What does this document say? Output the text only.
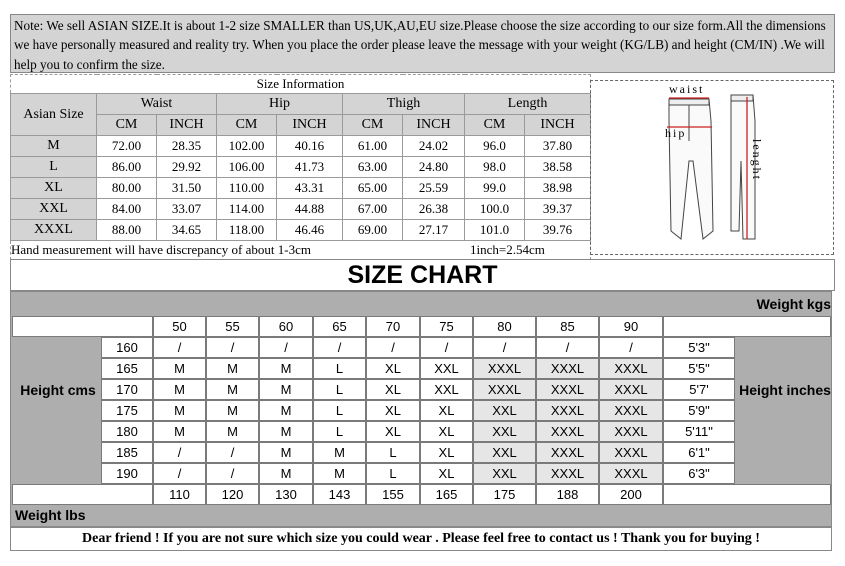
Note: We sell ASIAN SIZE.It is about 1-2 size SMALLER than US,UK,AU,EU size.Please choose the size according to our size form.All the dimensions we have personally measured and reality try. When you place the order please leave the message with your weight (KG/LB) and height (CM/IN) .We will help you to confirm the size.
Size Information								
Asian Size	Waist		Hip		Thigh		Length	
	CM	INCH	CM	INCH	CM	INCH	CM	INCH
M	72.00	28.35	102.00	40.16	61.00	24.02	96.0	37.80
L	86.00	29.92	106.00	41.73	63.00	24.80	98.0	38.58
XL	80.00	31.50	110.00	43.31	65.00	25.59	99.0	38.98
XXL	84.00	33.07	114.00	44.88	67.00	26.38	100.0	39.37
XXXL	88.00	34.65	118.00	46.46	69.00	27.17	101.0	39.76
Hand measurement will have discrepancy of about 1-3cm 1inch=2.54cm								
waist
hip
lenght
SIZE CHART
Weight kgs
50	55	60	65	70	75	80	85	90
Height cms	Height inches
160	/	/	/	/	/	/	/	/	/	5'3"
165	M	M	M	L	XL	XXL	XXXL	XXXL	XXXL	5'5"
170	M	M	M	L	XL	XXL	XXXL	XXXL	XXXL	5'7'
175	M	M	M	L	XL	XL	XXL	XXXL	XXXL	5'9"
180	M	M	M	L	XL	XL	XXL	XXXL	XXXL	5'11"
185	/	/	M	M	L	XL	XXL	XXXL	XXXL	6'1"
190	/	/	M	M	L	XL	XXL	XXXL	XXXL	6'3"
110	120	130	143	155	165	175	188	200
Weight lbs
Dear friend ! If you are not sure which size you could wear . Please feel free to contact us ! Thank you for buying !
